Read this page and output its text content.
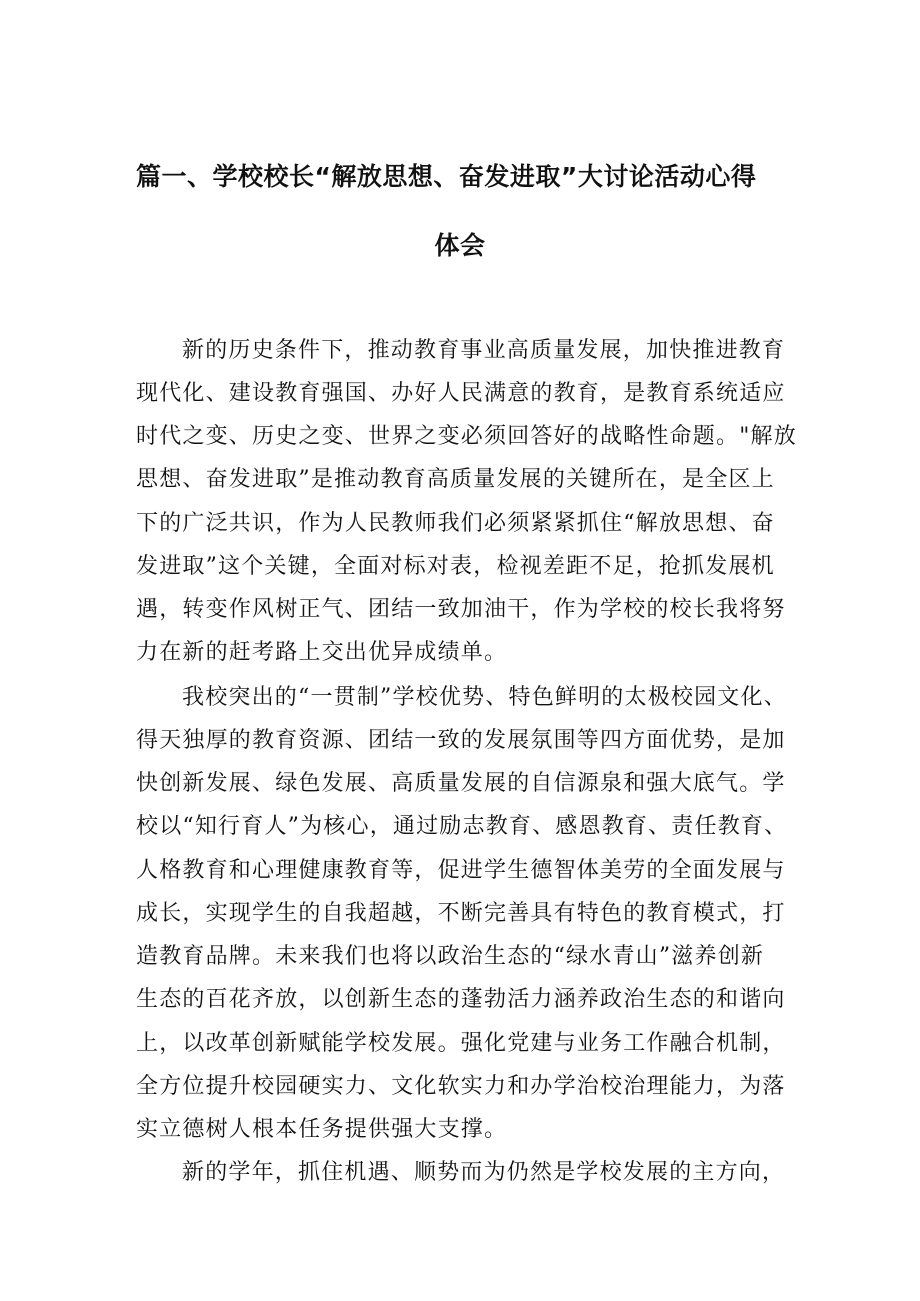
篇一、学校校长“解放思想、奋发进取”大讨论活动心得
体会
新的历史条件下，推动教育事业高质量发展，加快推进教育
现代化、建设教育强国、办好人民满意的教育，是教育系统适应
时代之变、历史之变、世界之变必须回答好的战略性命题。"解放
思想、奋发进取”是推动教育高质量发展的关键所在，是全区上
下的广泛共识，作为人民教师我们必须紧紧抓住“解放思想、奋
发进取”这个关键，全面对标对表，检视差距不足，抢抓发展机
遇，转变作风树正气、团结一致加油干，作为学校的校长我将努
力在新的赶考路上交出优异成绩单。
我校突出的“一贯制”学校优势、特色鲜明的太极校园文化、
得天独厚的教育资源、团结一致的发展氛围等四方面优势，是加
快创新发展、绿色发展、高质量发展的自信源泉和强大底气。学
校以“知行育人”为核心，通过励志教育、感恩教育、责任教育、
人格教育和心理健康教育等，促进学生德智体美劳的全面发展与
成长，实现学生的自我超越，不断完善具有特色的教育模式，打
造教育品牌。未来我们也将以政治生态的“绿水青山”滋养创新
生态的百花齐放，以创新生态的蓬勃活力涵养政治生态的和谐向
上，以改革创新赋能学校发展。强化党建与业务工作融合机制，
全方位提升校园硬实力、文化软实力和办学治校治理能力，为落
实立德树人根本任务提供强大支撑。
新的学年，抓住机遇、顺势而为仍然是学校发展的主方向，
